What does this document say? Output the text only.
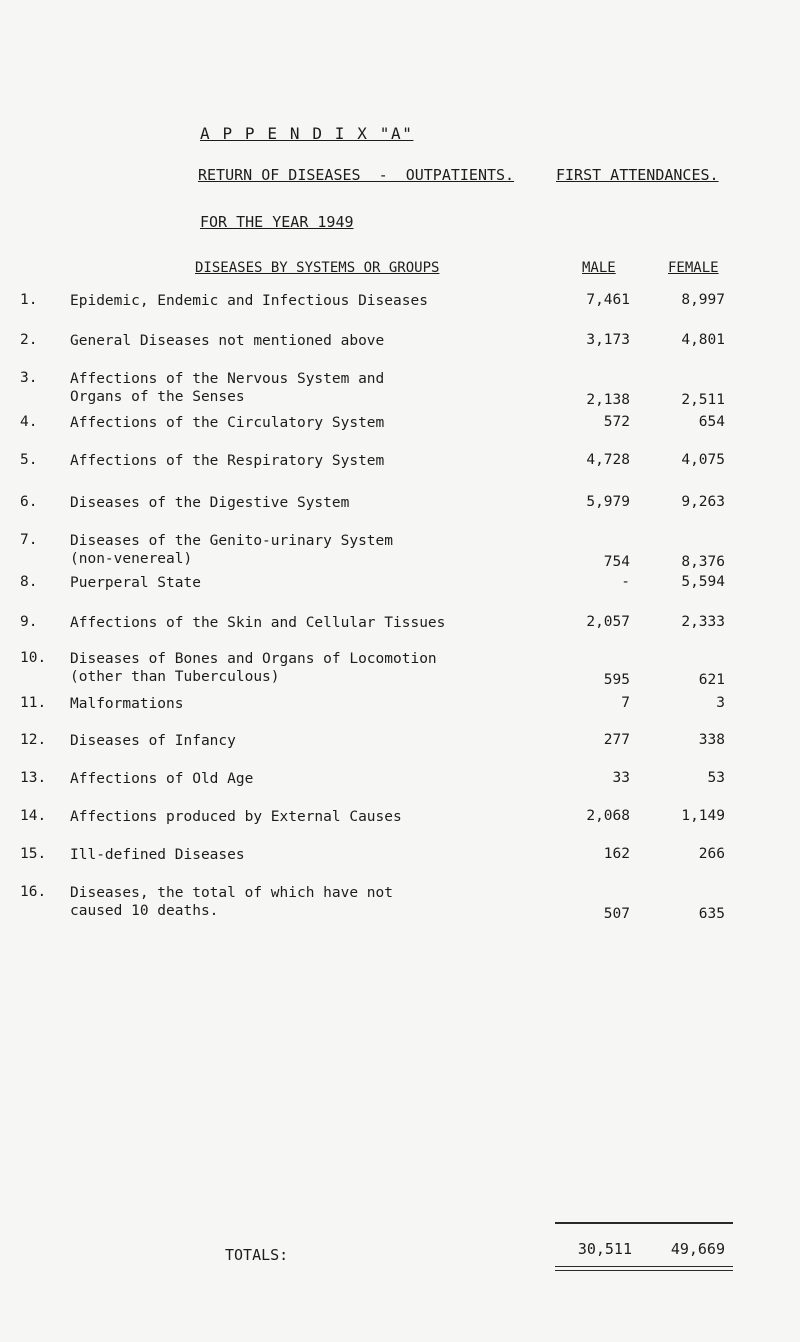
A P P E N D I X "A"
RETURN OF DISEASES  -  OUTPATIENTS.	FIRST ATTENDANCES.
FOR THE YEAR 1949
DISEASES BY SYSTEMS OR GROUPS	MALE	FEMALE
1.	Epidemic, Endemic and Infectious Diseases	7,461	8,997
2.	General Diseases not mentioned above	3,173	4,801
3.	Affections of the Nervous System and
Organs of the Senses	2,138	2,511
4.	Affections of the Circulatory System	572	654
5.	Affections of the Respiratory System	4,728	4,075
6.	Diseases of the Digestive System	5,979	9,263
7.	Diseases of the Genito-urinary System
(non-venereal)	754	8,376
8.	Puerperal State	-	5,594
9.	Affections of the Skin and Cellular Tissues	2,057	2,333
10.	Diseases of Bones and Organs of Locomotion
(other than Tuberculous)	595	621
11.	Malformations	7	3
12.	Diseases of Infancy	277	338
13.	Affections of Old Age	33	53
14.	Affections produced by External Causes	2,068	1,149
15.	Ill-defined Diseases	162	266
16.	Diseases, the total of which have not
caused 10 deaths.	507	635
TOTALS:	30,511	49,669
